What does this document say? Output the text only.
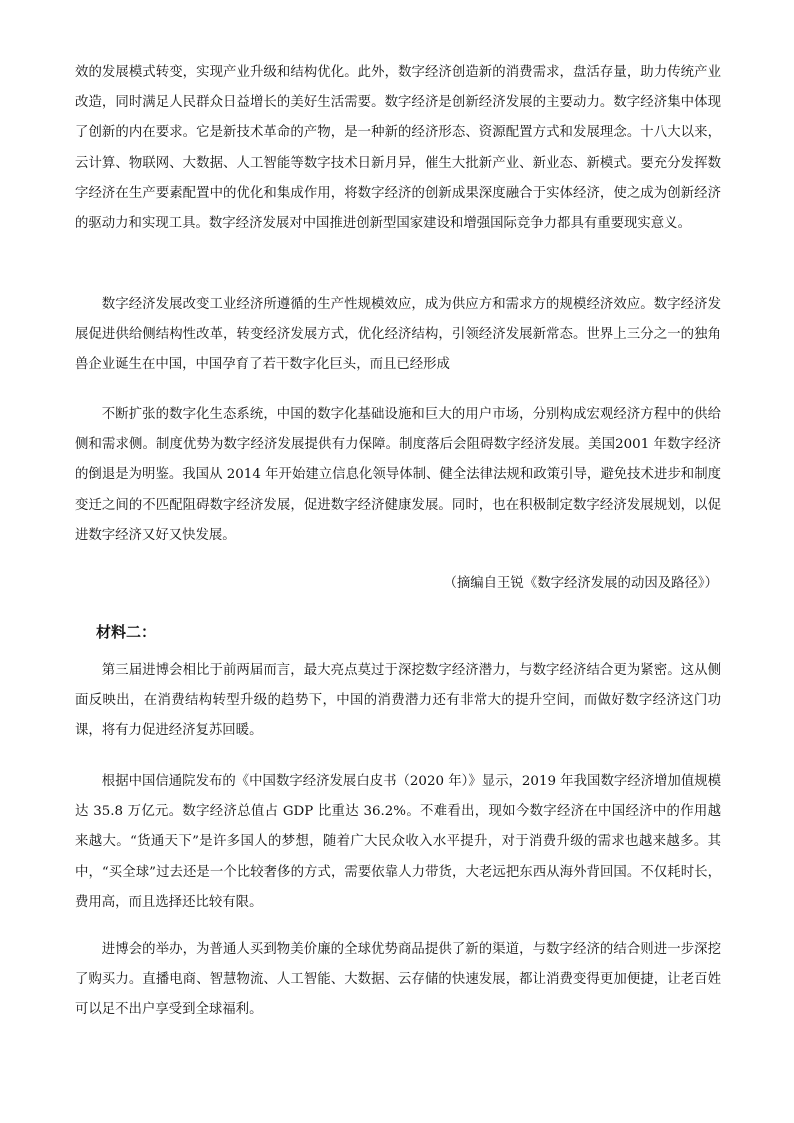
效的发展模式转变，实现产业升级和结构优化。此外，数字经济创造新的消费需求，盘活存量，助力传统产业改造，同时满足人民群众日益增长的美好生活需要。数字经济是创新经济发展的主要动力。数字经济集中体现了创新的内在要求。它是新技术革命的产物，是一种新的经济形态、资源配置方式和发展理念。十八大以来，云计算、物联网、大数据、人工智能等数字技术日新月异，催生大批新产业、新业态、新模式。要充分发挥数字经济在生产要素配置中的优化和集成作用，将数字经济的创新成果深度融合于实体经济，使之成为创新经济的驱动力和实现工具。数字经济发展对中国推进创新型国家建设和增强国际竞争力都具有重要现实意义。

数字经济发展改变工业经济所遵循的生产性规模效应，成为供应方和需求方的规模经济效应。数字经济发展促进供给侧结构性改革，转变经济发展方式，优化经济结构，引领经济发展新常态。世界上三分之一的独角兽企业诞生在中国，中国孕育了若干数字化巨头，而且已经形成

不断扩张的数字化生态系统，中国的数字化基础设施和巨大的用户市场，分别构成宏观经济方程中的供给侧和需求侧。制度优势为数字经济发展提供有力保障。制度落后会阻碍数字经济发展。美国2001 年数字经济的倒退是为明鉴。我国从 2014 年开始建立信息化领导体制、健全法律法规和政策引导，避免技术进步和制度变迁之间的不匹配阻碍数字经济发展，促进数字经济健康发展。同时，也在积极制定数字经济发展规划，以促进数字经济又好又快发展。

（摘编自王锐《数字经济发展的动因及路径》）

材料二：

第三届进博会相比于前两届而言，最大亮点莫过于深挖数字经济潜力，与数字经济结合更为紧密。这从侧面反映出，在消费结构转型升级的趋势下，中国的消费潜力还有非常大的提升空间，而做好数字经济这门功课，将有力促进经济复苏回暖。

根据中国信通院发布的《中国数字经济发展白皮书（2020 年）》显示，2019 年我国数字经济增加值规模达 35.8 万亿元。数字经济总值占 GDP 比重达 36.2%。不难看出，现如今数字经济在中国经济中的作用越来越大。“货通天下”是许多国人的梦想，随着广大民众收入水平提升，对于消费升级的需求也越来越多。其中，“买全球”过去还是一个比较奢侈的方式，需要依靠人力带货，大老远把东西从海外背回国。不仅耗时长，费用高，而且选择还比较有限。

进博会的举办，为普通人买到物美价廉的全球优势商品提供了新的渠道，与数字经济的结合则进一步深挖了购买力。直播电商、智慧物流、人工智能、大数据、云存储的快速发展，都让消费变得更加便捷，让老百姓可以足不出户享受到全球福利。
